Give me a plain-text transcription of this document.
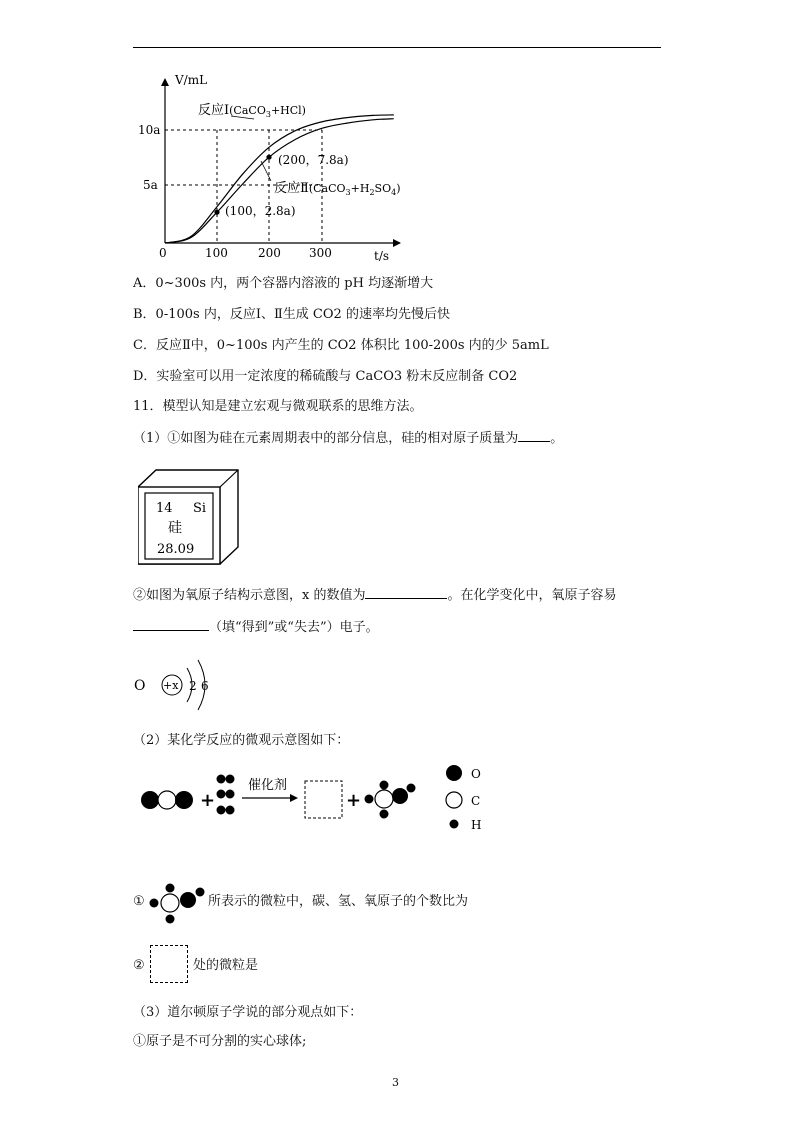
V/mL
t/s
0	100	200 300
10a
5a
反应Ⅰ(CaCO$_3^{+HCl)}$
反应Ⅱ(CaCO$_3^{+H}_2^{SO}_4$)
(200，7.8a)
(100，2.8a)
A．0~300s 内，两个容器内溶液的 pH 均逐渐增大
B．0-100s 内，反应Ⅰ、Ⅱ生成 CO2 的速率均先慢后快
C．反应Ⅱ中，0~100s 内产生的 CO2 体积比 100-200s 内的少 5amL
D．实验室可以用一定浓度的稀硫酸与 CaCO3 粉末反应制备 CO2
11．模型认知是建立宏观与微观联系的思维方法。
（1）①如图为硅在元素周期表中的部分信息，硅的相对原子质量为 。
14 Si
硅
28.09
②如图为氧原子结构示意图，x 的数值为	。在化学变化中，氧原子容易
（填“得到”或“失去”）电子。
O +x 2 6
（2）某化学反应的微观示意图如下：
+
催化剂
+
O
C
H
①	所表示的微粒中，碳、氢、氧原子的个数比为
②	处的微粒是
（3）道尔顿原子学说的部分观点如下：
①原子是不可分割的实心球体;
3
